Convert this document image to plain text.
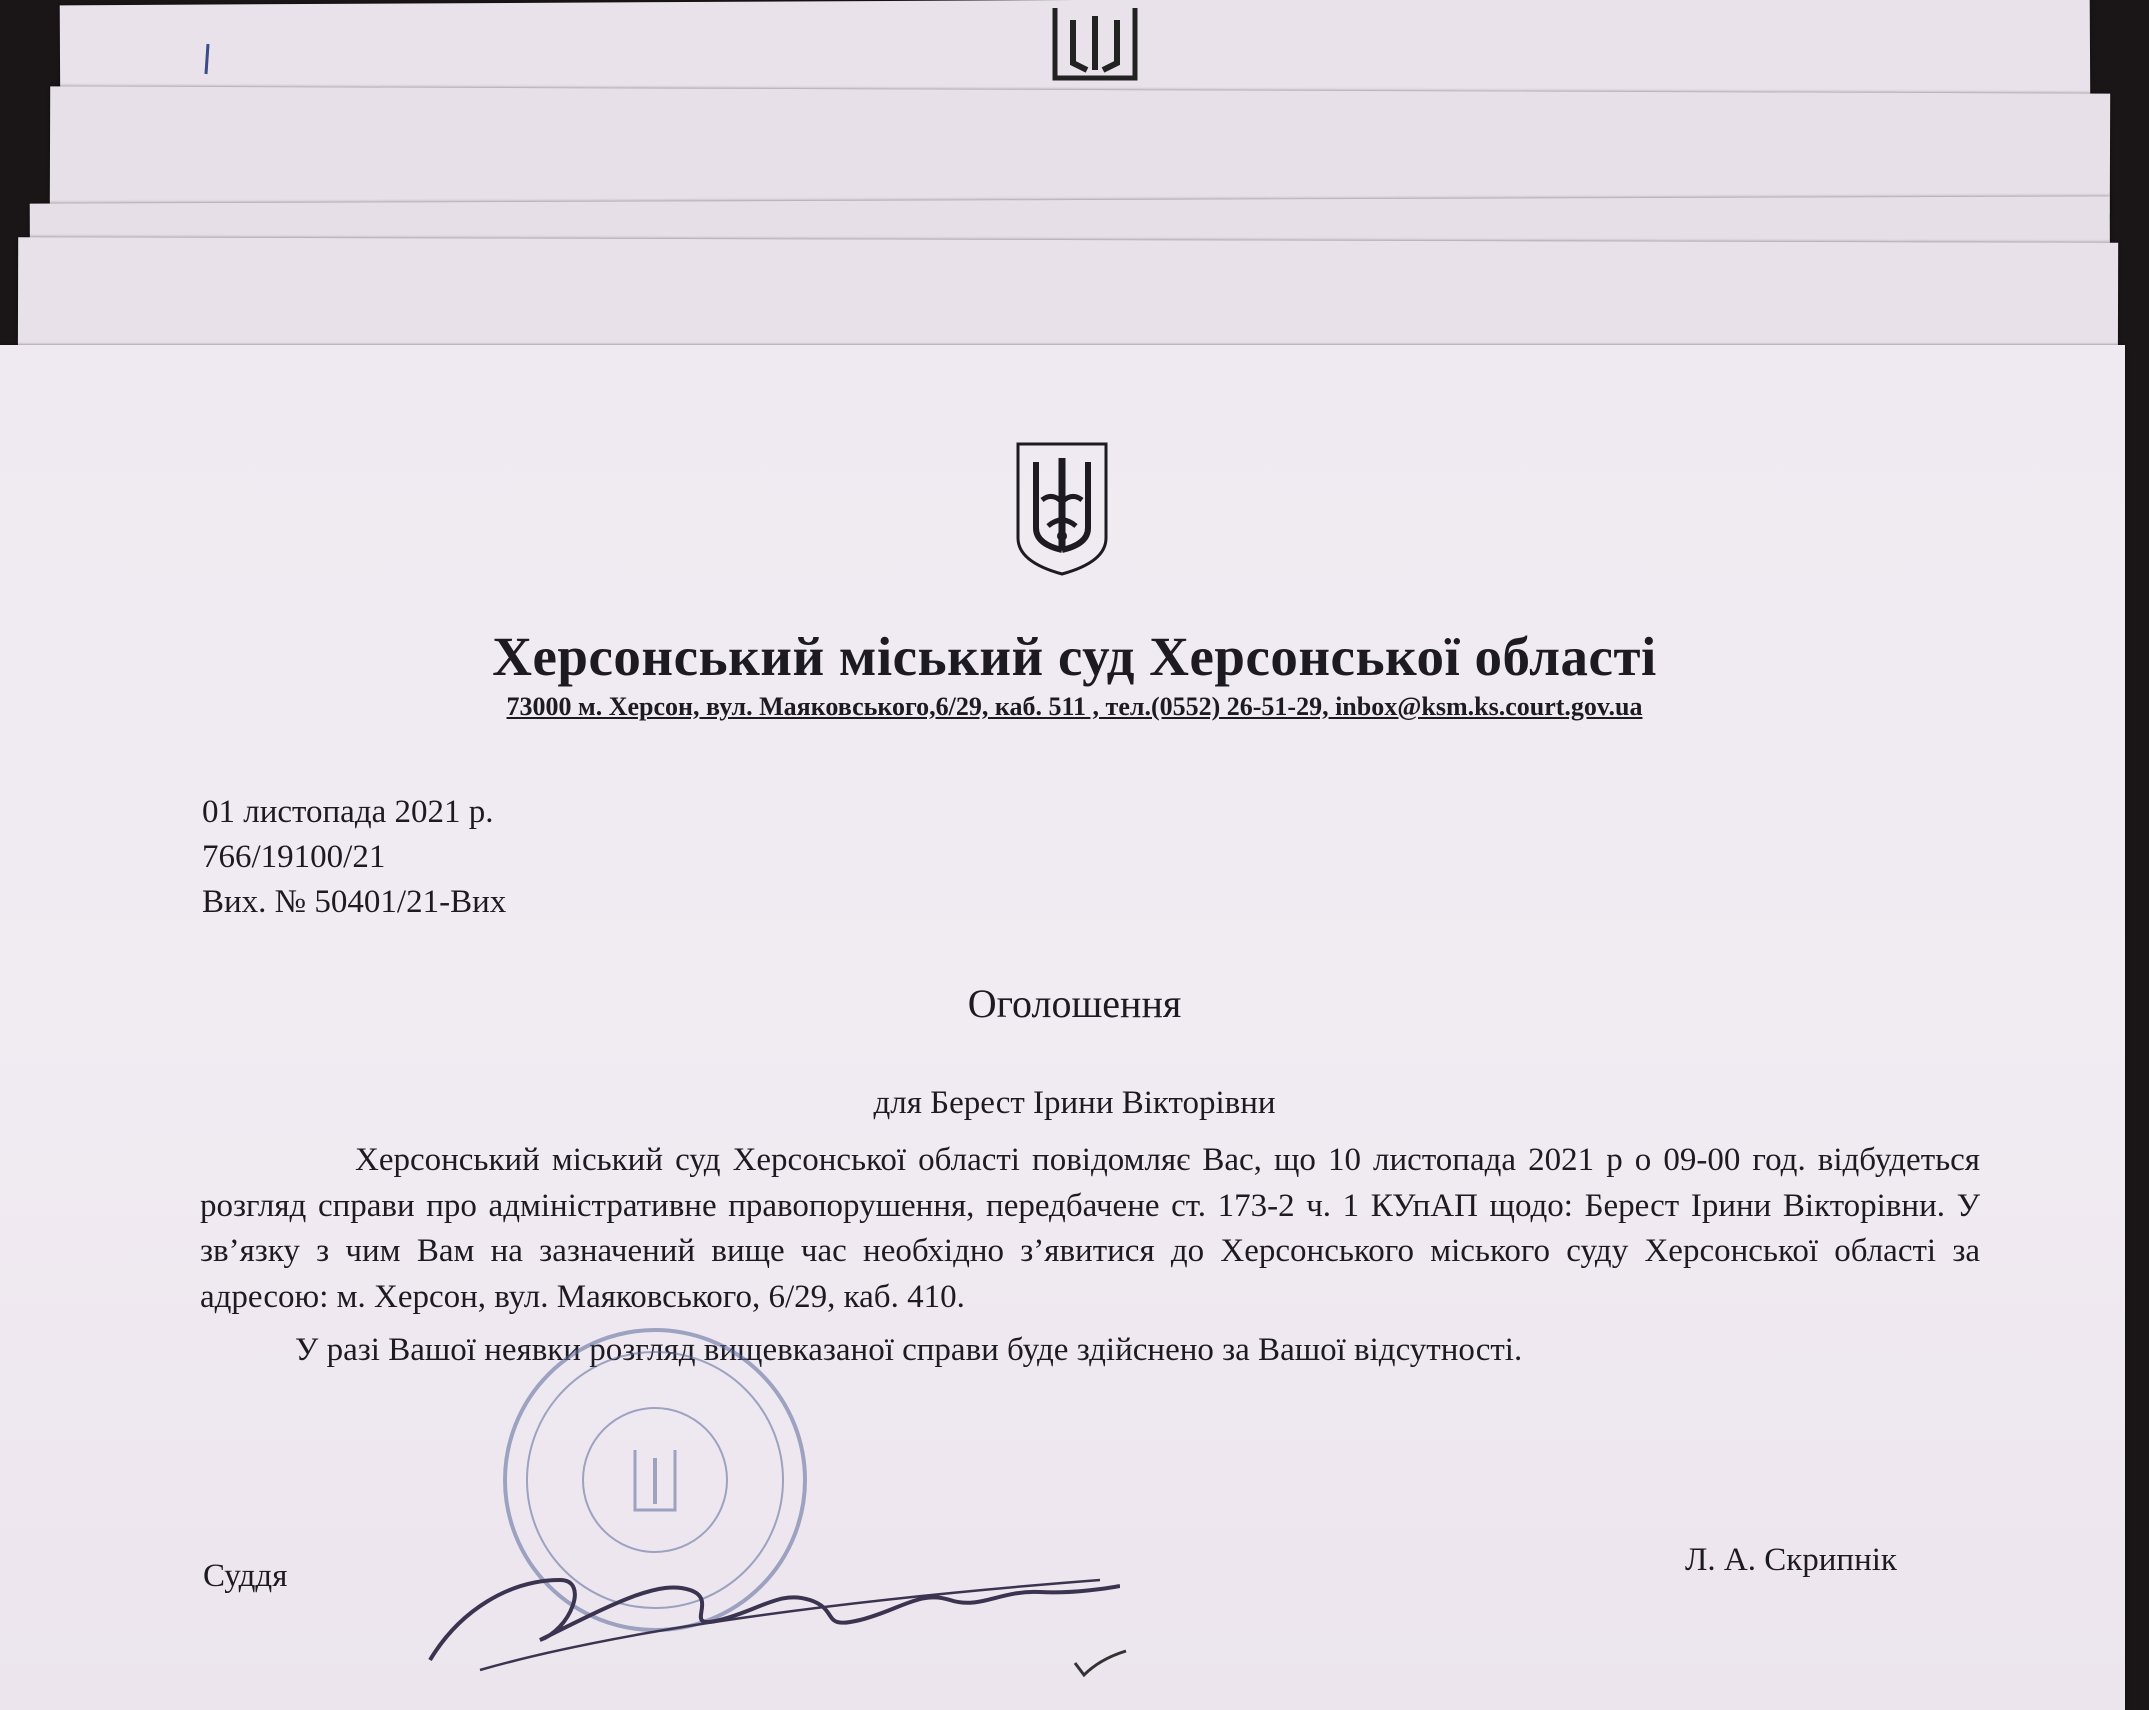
Херсонський міський суд Херсонської області
73000 м. Херсон, вул. Маяковського,6/29, каб. 511 , тел.(0552) 26-51-29, inbox@ksm.ks.court.gov.ua
01 листопада 2021 р.
766/19100/21
Вих. № 50401/21-Вих
Оголошення
для Берест Ірини Вікторівни

Херсонський міський суд Херсонської області повідомляє Вас, що 10 листопада 2021 р о 09-00 год. відбудеться розгляд справи про адміністративне правопорушення, передбачене ст. 173-2 ч. 1 КУпАП щодо: Берест Ірини Вікторівни. У зв’язку з чим Вам на зазначений вище час необхідно з’явитися до Херсонського міського суду Херсонської області за адресою: м. Херсон, вул. Маяковського, 6/29, каб. 410.

У разі Вашої неявки розгляд вищевказаної справи буде здійснено за Вашої відсутності.

Суддя	Л. А. Скрипнік
